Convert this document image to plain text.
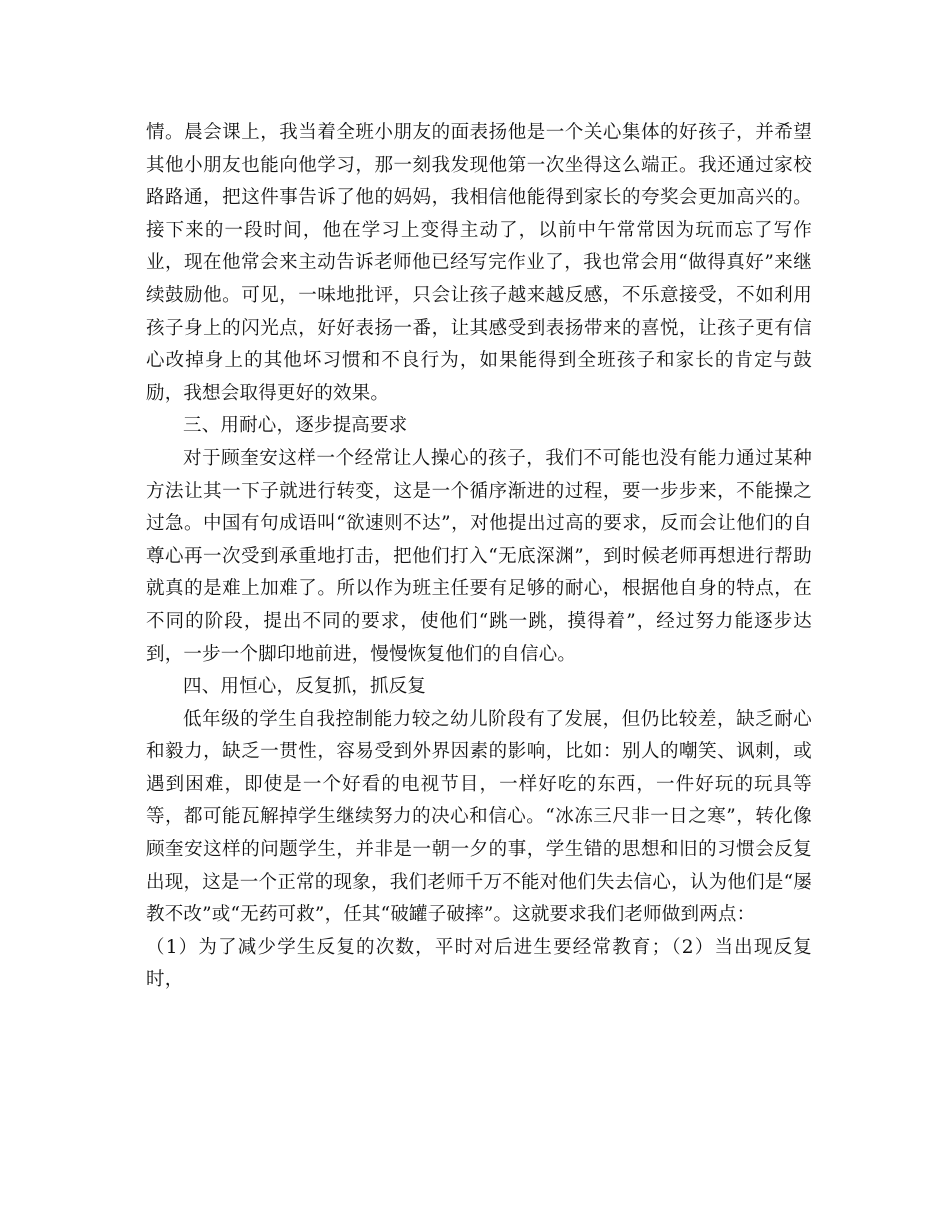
情。晨会课上，我当着全班小朋友的面表扬他是一个关心集体的好孩子，并希望其他小朋友也能向他学习，那一刻我发现他第一次坐得这么端正。我还通过家校路路通，把这件事告诉了他的妈妈，我相信他能得到家长的夸奖会更加高兴的。接下来的一段时间，他在学习上变得主动了，以前中午常常因为玩而忘了写作业，现在他常会来主动告诉老师他已经写完作业了，我也常会用“做得真好”来继续鼓励他。可见，一味地批评，只会让孩子越来越反感，不乐意接受，不如利用孩子身上的闪光点，好好表扬一番，让其感受到表扬带来的喜悦，让孩子更有信心改掉身上的其他坏习惯和不良行为，如果能得到全班孩子和家长的肯定与鼓励，我想会取得更好的效果。

三、用耐心，逐步提高要求

对于顾奎安这样一个经常让人操心的孩子，我们不可能也没有能力通过某种方法让其一下子就进行转变，这是一个循序渐进的过程，要一步步来，不能操之过急。中国有句成语叫“欲速则不达”，对他提出过高的要求，反而会让他们的自尊心再一次受到承重地打击，把他们打入“无底深渊”，到时候老师再想进行帮助就真的是难上加难了。所以作为班主任要有足够的耐心，根据他自身的特点，在不同的阶段，提出不同的要求，使他们“跳一跳，摸得着”，经过努力能逐步达到，一步一个脚印地前进，慢慢恢复他们的自信心。

四、用恒心，反复抓，抓反复

低年级的学生自我控制能力较之幼儿阶段有了发展，但仍比较差，缺乏耐心和毅力，缺乏一贯性，容易受到外界因素的影响，比如：别人的嘲笑、讽刺，或遇到困难，即使是一个好看的电视节目，一样好吃的东西，一件好玩的玩具等等，都可能瓦解掉学生继续努力的决心和信心。“冰冻三尺非一日之寒”，转化像顾奎安这样的问题学生，并非是一朝一夕的事，学生错的思想和旧的习惯会反复出现，这是一个正常的现象，我们老师千万不能对他们失去信心，认为他们是“屡教不改”或“无药可救”，任其“破罐子破摔”。这就要求我们老师做到两点：

（1）为了减少学生反复的次数，平时对后进生要经常教育；（2）当出现反复时，
